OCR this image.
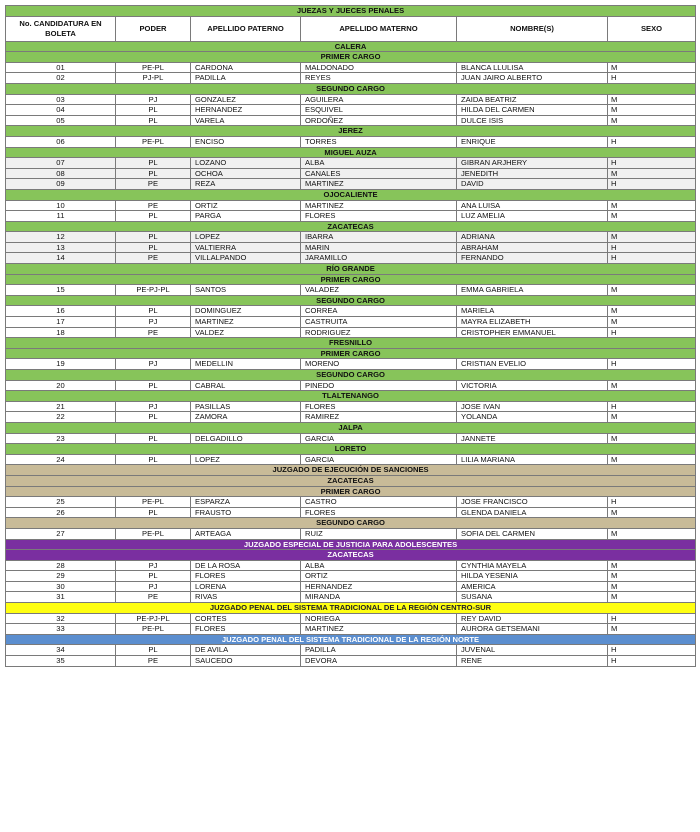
JUEZAS Y JUECES PENALES					
No. CANDIDATURA EN BOLETA	PODER	APELLIDO PATERNO	APELLIDO MATERNO	NOMBRE(S)	SEXO
CALERA					
PRIMER CARGO					
01	PE-PL	CARDONA	MALDONADO	BLANCA LLULISA	M
02	PJ-PL	PADILLA	REYES	JUAN JAIRO ALBERTO	H
SEGUNDO CARGO					
03	PJ	GONZALEZ	AGUILERA	ZAIDA BEATRIZ	M
04	PL	HERNANDEZ	ESQUIVEL	HILDA DEL CARMEN	M
05	PL	VARELA	ORDOÑEZ	DULCE ISIS	M
JEREZ					
06	PE-PL	ENCISO	TORRES	ENRIQUE	H
MIGUEL AUZA					
07	PL	LOZANO	ALBA	GIBRAN ARJHERY	H
08	PL	OCHOA	CANALES	JENEDITH	M
09	PE	REZA	MARTINEZ	DAVID	H
OJOCALIENTE					
10	PE	ORTIZ	MARTINEZ	ANA LUISA	M
11	PL	PARGA	FLORES	LUZ AMELIA	M
ZACATECAS					
12	PL	LOPEZ	IBARRA	ADRIANA	M
13	PL	VALTIERRA	MARIN	ABRAHAM	H
14	PE	VILLALPANDO	JARAMILLO	FERNANDO	H
RÍO GRANDE					
PRIMER CARGO					
15	PE-PJ-PL	SANTOS	VALADEZ	EMMA GABRIELA	M
SEGUNDO CARGO					
16	PL	DOMINGUEZ	CORREA	MARIELA	M
17	PJ	MARTINEZ	CASTRUITA	MAYRA ELIZABETH	M
18	PE	VALDEZ	RODRIGUEZ	CRISTOPHER EMMANUEL	H
FRESNILLO					
PRIMER CARGO					
19	PJ	MEDELLIN	MORENO	CRISTIAN EVELIO	H
SEGUNDO CARGO					
20	PL	CABRAL	PINEDO	VICTORIA	M
TLALTENANGO					
21	PJ	PASILLAS	FLORES	JOSE IVAN	H
22	PL	ZAMORA	RAMIREZ	YOLANDA	M
JALPA					
23	PL	DELGADILLO	GARCIA	JANNETE	M
LORETO					
24	PL	LOPEZ	GARCIA	LILIA MARIANA	M
JUZGADO DE EJECUCIÓN DE SANCIONES					
ZACATECAS					
PRIMER CARGO					
25	PE-PL	ESPARZA	CASTRO	JOSE FRANCISCO	H
26	PL	FRAUSTO	FLORES	GLENDA DANIELA	M
SEGUNDO CARGO					
27	PE-PL	ARTEAGA	RUIZ	SOFIA DEL CARMEN	M
JUZGADO ESPECIAL DE JUSTICIA PARA ADOLESCENTES					
ZACATECAS					
28	PJ	DE LA ROSA	ALBA	CYNTHIA MAYELA	M
29	PL	FLORES	ORTIZ	HILDA YESENIA	M
30	PJ	LORENA	HERNANDEZ	AMERICA	M
31	PE	RIVAS	MIRANDA	SUSANA	M
JUZGADO PENAL DEL SISTEMA TRADICIONAL DE LA REGIÓN CENTRO-SUR					
32	PE-PJ-PL	CORTES	NORIEGA	REY DAVID	H
33	PE-PL	FLORES	MARTINEZ	AURORA GETSEMANI	M
JUZGADO PENAL DEL SISTEMA TRADICIONAL DE LA REGIÓN NORTE					
34	PL	DE AVILA	PADILLA	JUVENAL	H
35	PE	SAUCEDO	DEVORA	RENE	H
